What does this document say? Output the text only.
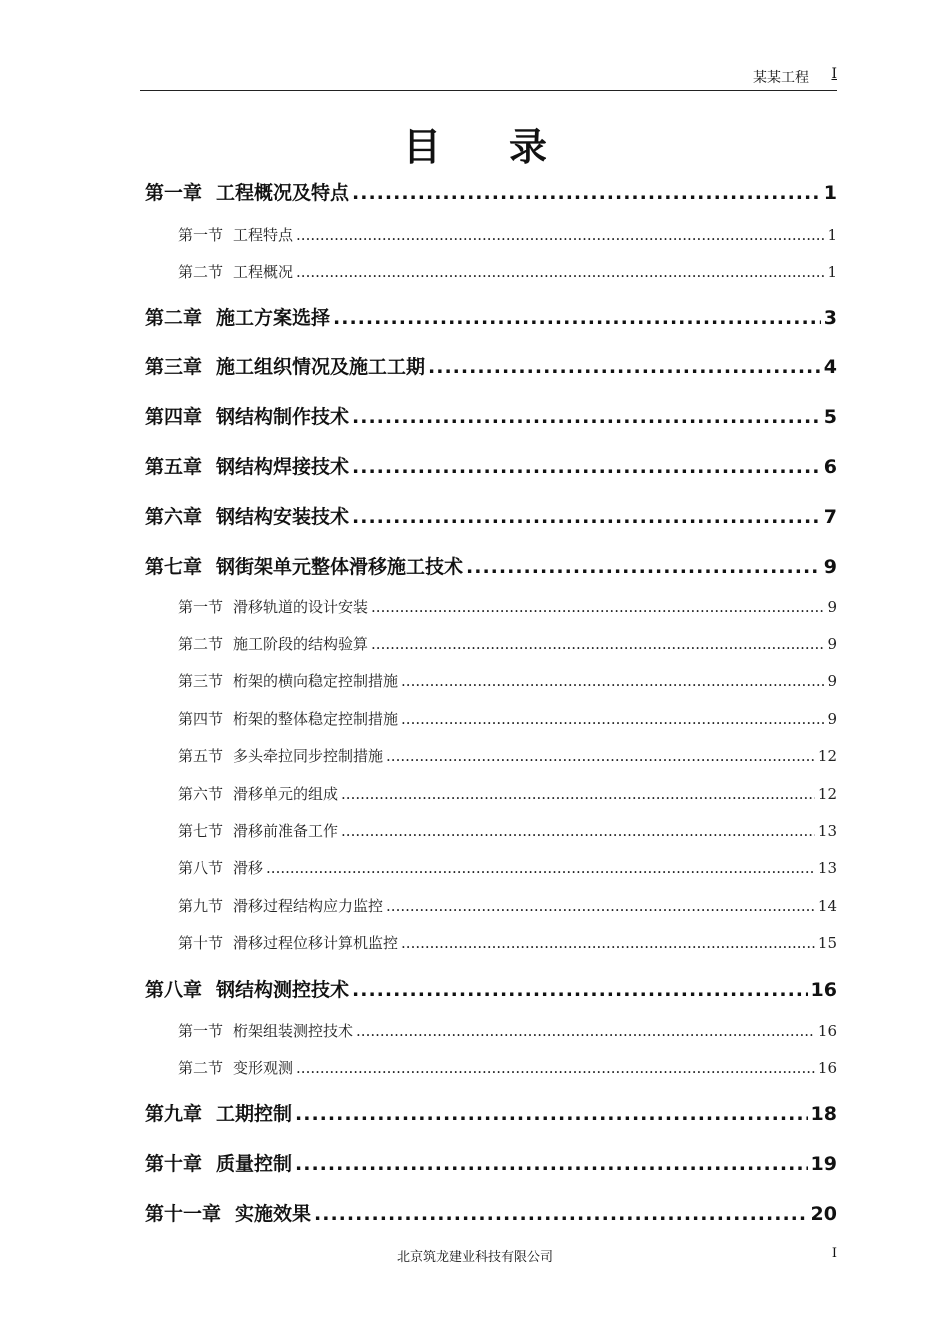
某某工程 I
目录
第一章 工程概况及特点 .....	1
第一节 工程特点 .....	1
第二节 工程概况 .....	1
第二章 施工方案选择 .....	3
第三章 施工组织情况及施工工期 .....	4
第四章 钢结构制作技术 .....	5
第五章 钢结构焊接技术 .....	6
第六章 钢结构安装技术 .....	7
第七章 钢街架单元整体滑移施工技术 .....	9
第一节 滑移轨道的设计安装 .....	9
第二节 施工阶段的结构验算 .....	9
第三节 桁架的横向稳定控制措施 .....	9
第四节 桁架的整体稳定控制措施 .....	9
第五节 多头牵拉同步控制措施 .....	12
第六节 滑移单元的组成 .....	12
第七节 滑移前准备工作 .....	13
第八节 滑移 .....	13
第九节 滑移过程结构应力监控 .....	14
第十节 滑移过程位移计算机监控 .....	15
第八章 钢结构测控技术 .....	16
第一节 桁架组装测控技术 .....	16
第二节 变形观测 .....	16
第九章 工期控制 .....	18
第十章 质量控制 .....	19
第十一章 实施效果 .....	20
北京筑龙建业科技有限公司	I
